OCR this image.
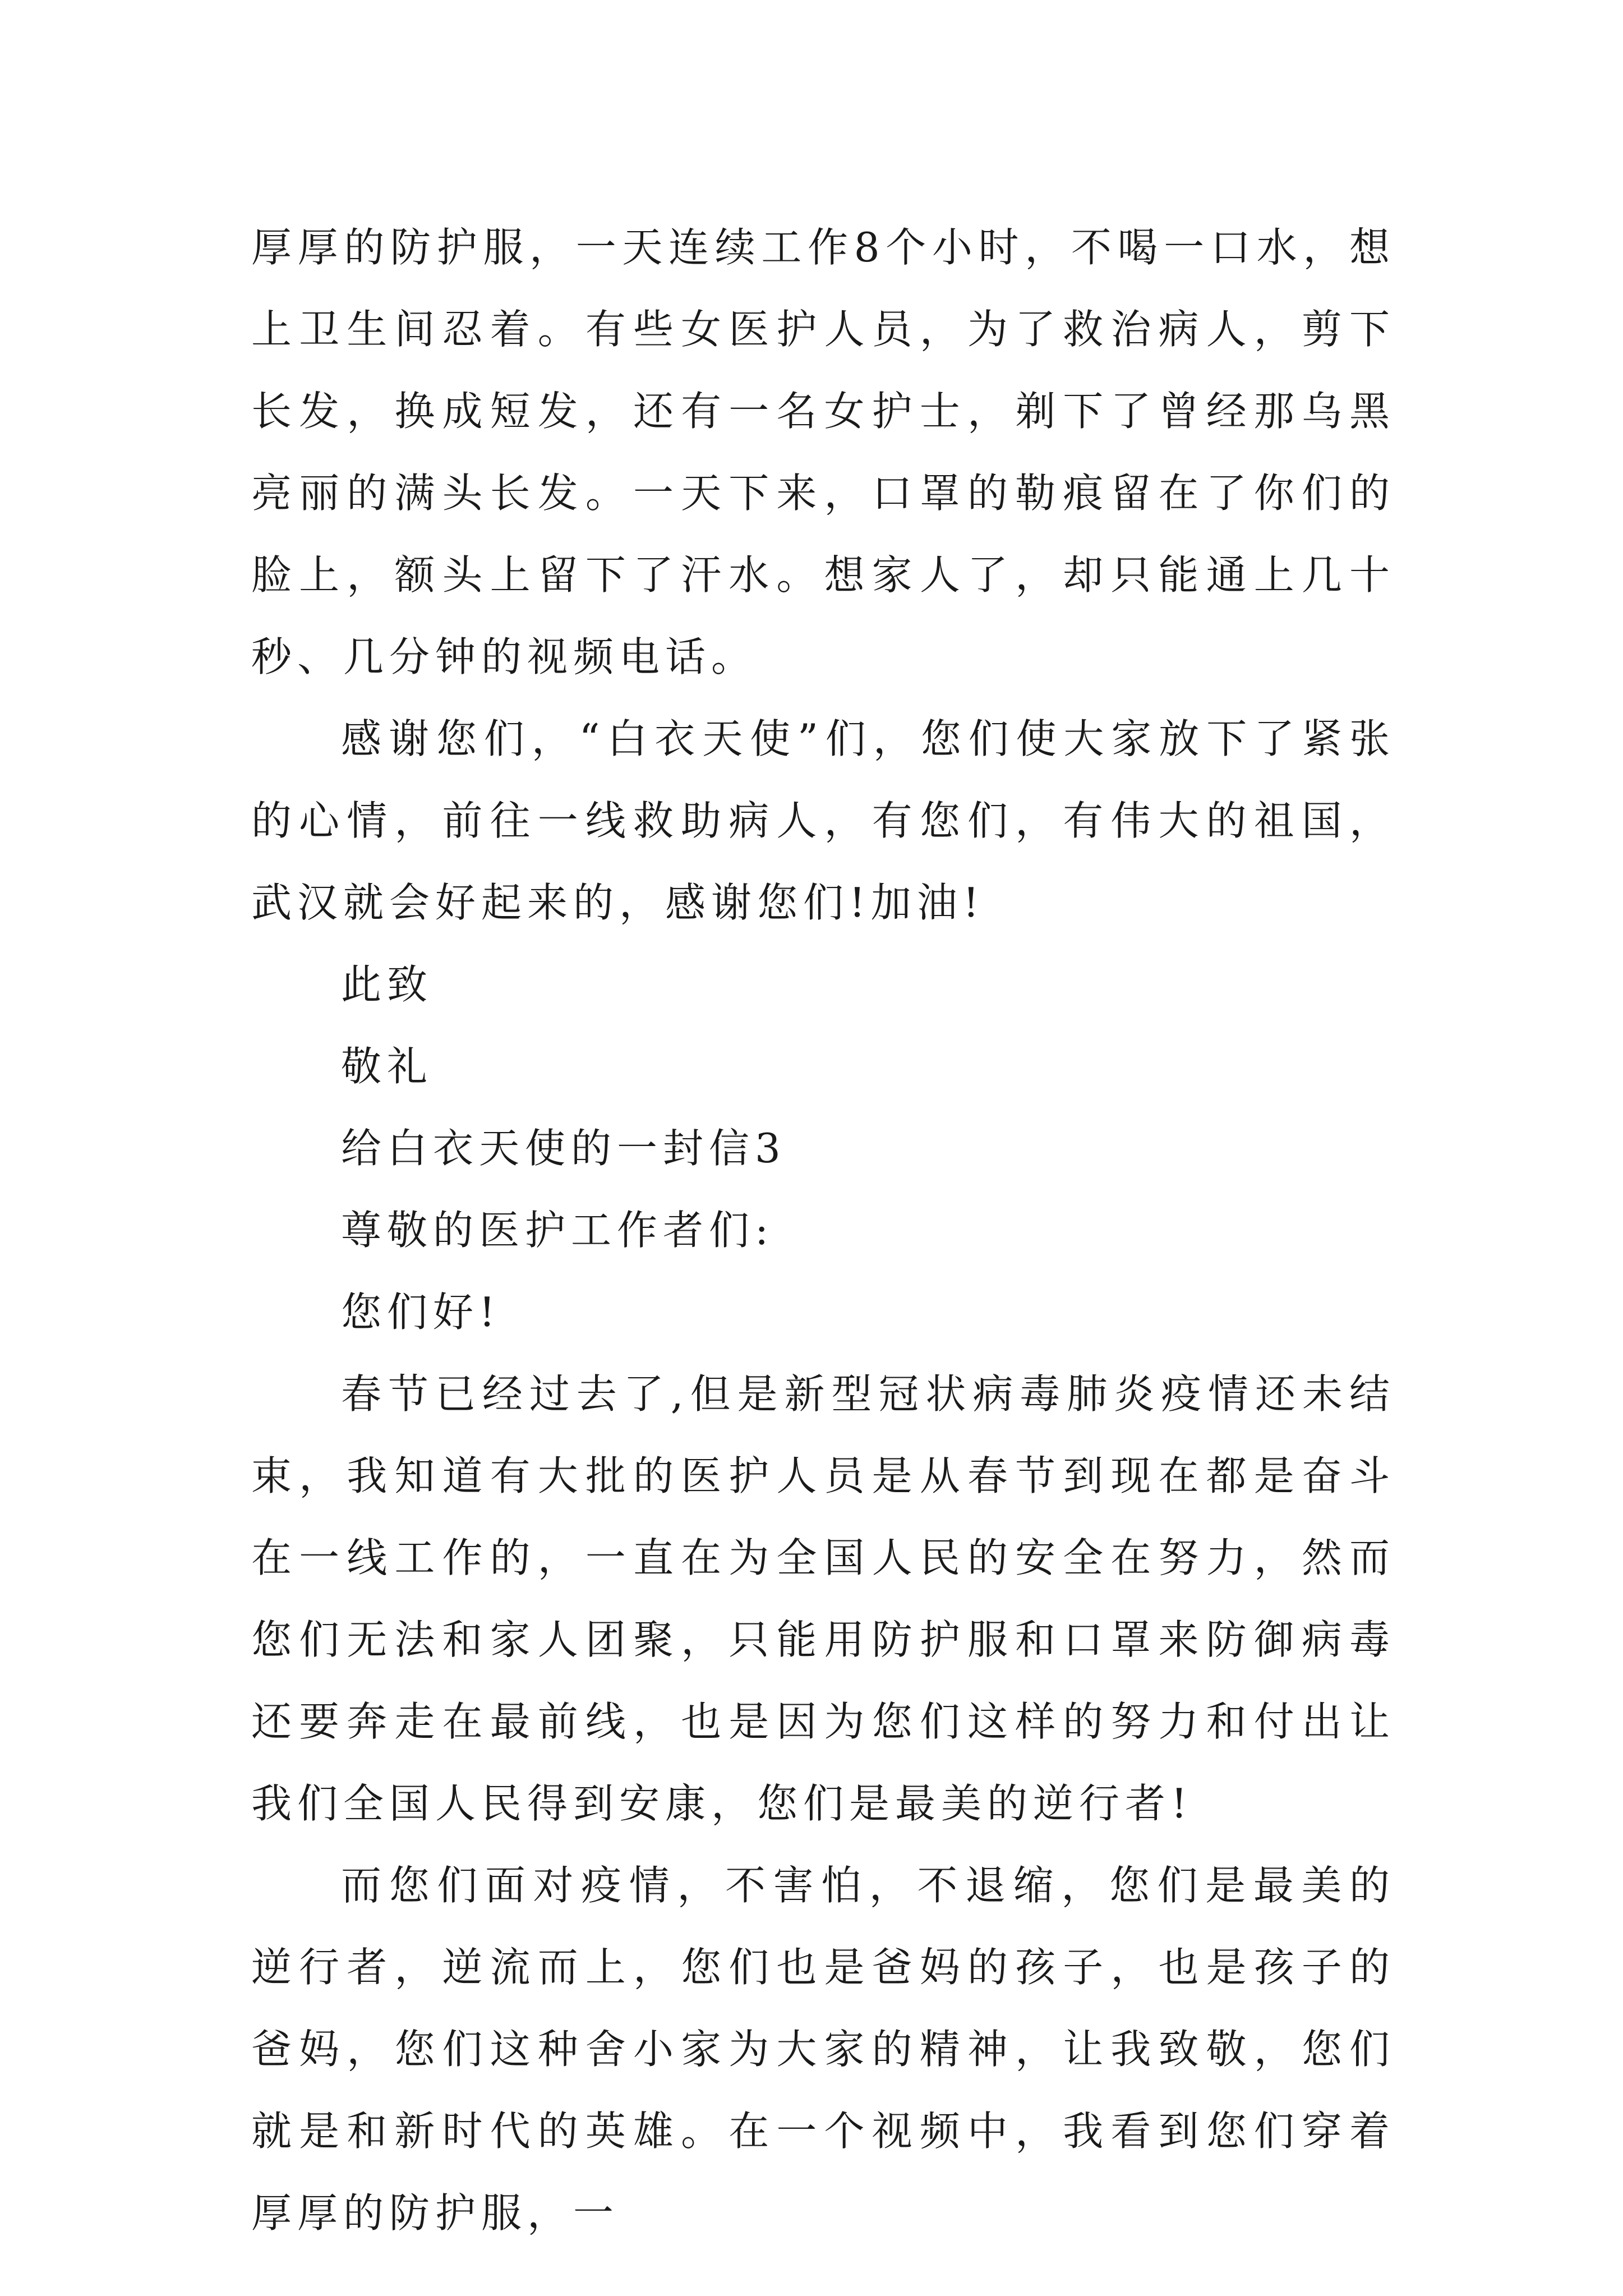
厚厚的防护服，一天连续工作8个小时，不喝一口水，想上卫生间忍着。有些女医护人员，为了救治病人，剪下长发，换成短发，还有一名女护士，剃下了曾经那乌黑亮丽的满头长发。一天下来，口罩的勒痕留在了你们的脸上，额头上留下了汗水。想家人了，却只能通上几十秒、几分钟的视频电话。

感谢您们，“白衣天使”们，您们使大家放下了紧张的心情，前往一线救助病人，有您们，有伟大的祖国，武汉就会好起来的，感谢您们!加油!

此致

敬礼

给白衣天使的一封信3

尊敬的医护工作者们:

您们好!

春节已经过去了,但是新型冠状病毒肺炎疫情还未结束，我知道有大批的医护人员是从春节到现在都是奋斗在一线工作的，一直在为全国人民的安全在努力，然而您们无法和家人团聚，只能用防护服和口罩来防御病毒还要奔走在最前线，也是因为您们这样的努力和付出让我们全国人民得到安康，您们是最美的逆行者!

而您们面对疫情，不害怕，不退缩，您们是最美的逆行者，逆流而上，您们也是爸妈的孩子，也是孩子的爸妈，您们这种舍小家为大家的精神，让我致敬，您们就是和新时代的英雄。在一个视频中，我看到您们穿着厚厚的防护服，一
